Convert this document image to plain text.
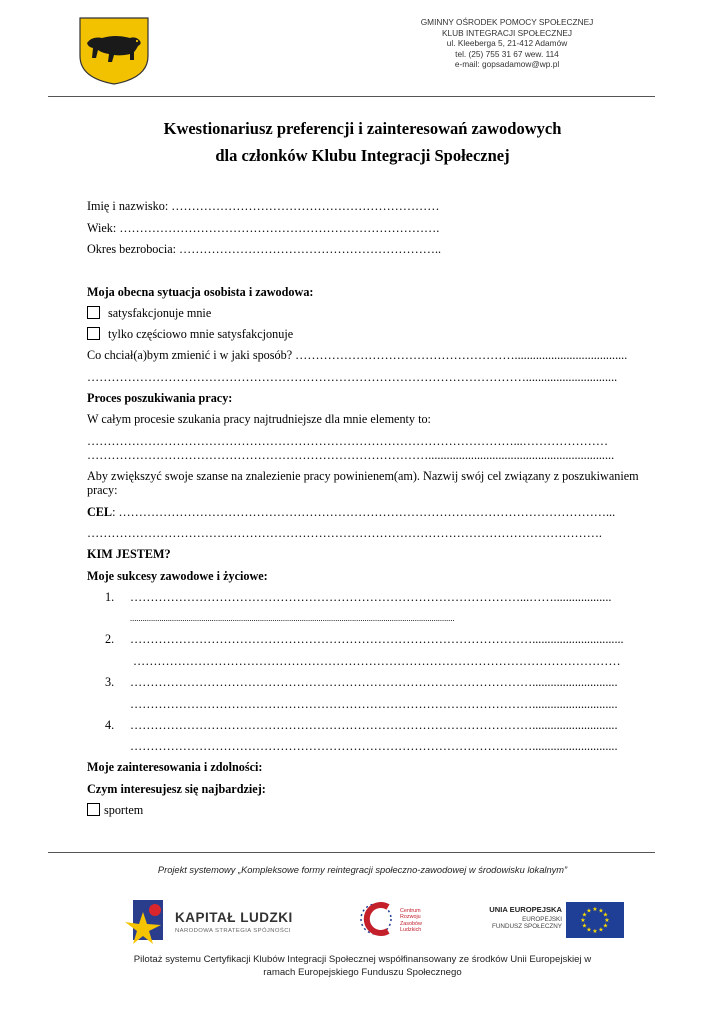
GMINNY OŚRODEK POMOCY SPOŁECZNEJ
KLUB INTEGRACJI SPOŁECZNEJ
ul. Kleeberga 5, 21-412 Adamów
tel. (25) 755 31 67 wew. 114
e-mail: gopsadamow@wp.pl
Kwestionariusz preferencji i zainteresowań zawodowych
dla członków Klubu Integracji Społecznej
Imię i nazwisko: …………………………………………………………
Wiek: …………………………………………………………………….
Okres bezrobocia: ………………………………………………………..
Moja obecna sytuacja osobista i zawodowa:
satysfakcjonuje mnie
tylko częściowo mnie satysfakcjonuje
Co chciał(a)bym zmienić i w jaki sposób? ……………………………………………….....................................
………………………………………………………………………………………………..............................
Proces poszukiwania pracy:
W całym procesie szukania pracy najtrudniejsze dla mnie elementy to:
……………………………………………………………………………………………...…………………
………………………………………………………………………….............................................................
Aby zwiększyć swoje szanse na znalezienie pracy powinienem(am). Nazwij swój cel związany z poszukiwaniem
pracy:
CEL: …………………………………………………………………………………………………………...
……………………………………………………………………………………………………………….
KIM JESTEM?
Moje sukcesy zawodowe i życiowe:
1. ……………………………………………………………………………………...……...................
...........................................................................................................................................................
2. ………………………………………………………………………………………..............................
…………………………………………………………………………………………………………
3. ………………………………………………………………………………………............................
………………………………………………………………………………………............................
4. ………………………………………………………………………………………............................
………………………………………………………………………………………............................
Moje zainteresowania i zdolności:
Czym interesujesz się najbardziej:
sportem
Projekt systemowy „Kompleksowe formy reintegracji społeczno-zawodowej w środowisku lokalnym”
KAPITAŁ LUDZKI
NARODOWA STRATEGIA SPÓJNOŚCI
Centrum
Rozwoju
Zasobów
Ludzkich
UNIA EUROPEJSKA
EUROPEJSKI
FUNDUSZ SPOŁECZNY
★ ★
★
★
★
★
★
★
★
★
★
★
Pilotaż systemu Certyfikacji Klubów Integracji Społecznej współfinansowany ze środków Unii Europejskiej w ramach Europejskiego Funduszu Społecznego
